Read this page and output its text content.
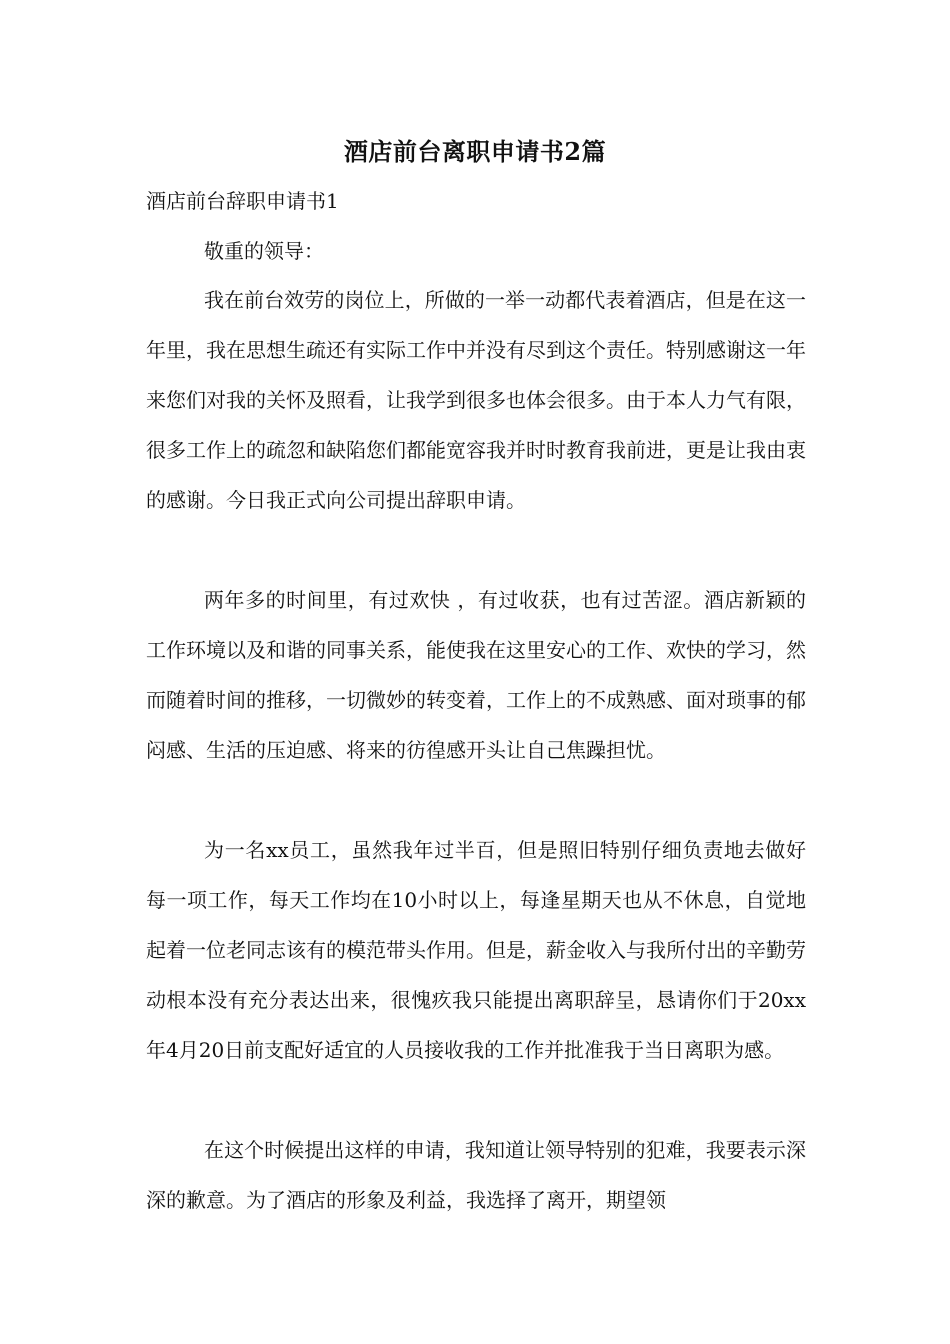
酒店前台离职申请书2篇
酒店前台辞职申请书1
敬重的领导：

我在前台效劳的岗位上，所做的一举一动都代表着酒店，但是在这一年里，我在思想生疏还有实际工作中并没有尽到这个责任。特别感谢这一年来您们对我的关怀及照看，让我学到很多也体会很多。由于本人力气有限，很多工作上的疏忽和缺陷您们都能宽容我并时时教育我前进，更是让我由衷的感谢。今日我正式向公司提出辞职申请。

两年多的时间里，有过欢快 ，有过收获，也有过苦涩。酒店新颖的工作环境以及和谐的同事关系，能使我在这里安心的工作、欢快的学习，然而随着时间的推移，一切微妙的转变着，工作上的不成熟感、面对琐事的郁闷感、生活的压迫感、将来的彷徨感开头让自己焦躁担忧。

为一名xx员工，虽然我年过半百，但是照旧特别仔细负责地去做好每一项工作，每天工作均在10小时以上，每逢星期天也从不休息，自觉地起着一位老同志该有的模范带头作用。但是，薪金收入与我所付出的辛勤劳动根本没有充分表达出来，很愧疚我只能提出离职辞呈，恳请你们于20xx年4月20日前支配好适宜的人员接收我的工作并批准我于当日离职为感。

在这个时候提出这样的申请，我知道让领导特别的犯难，我要表示深深的歉意。为了酒店的形象及利益，我选择了离开，期望领
